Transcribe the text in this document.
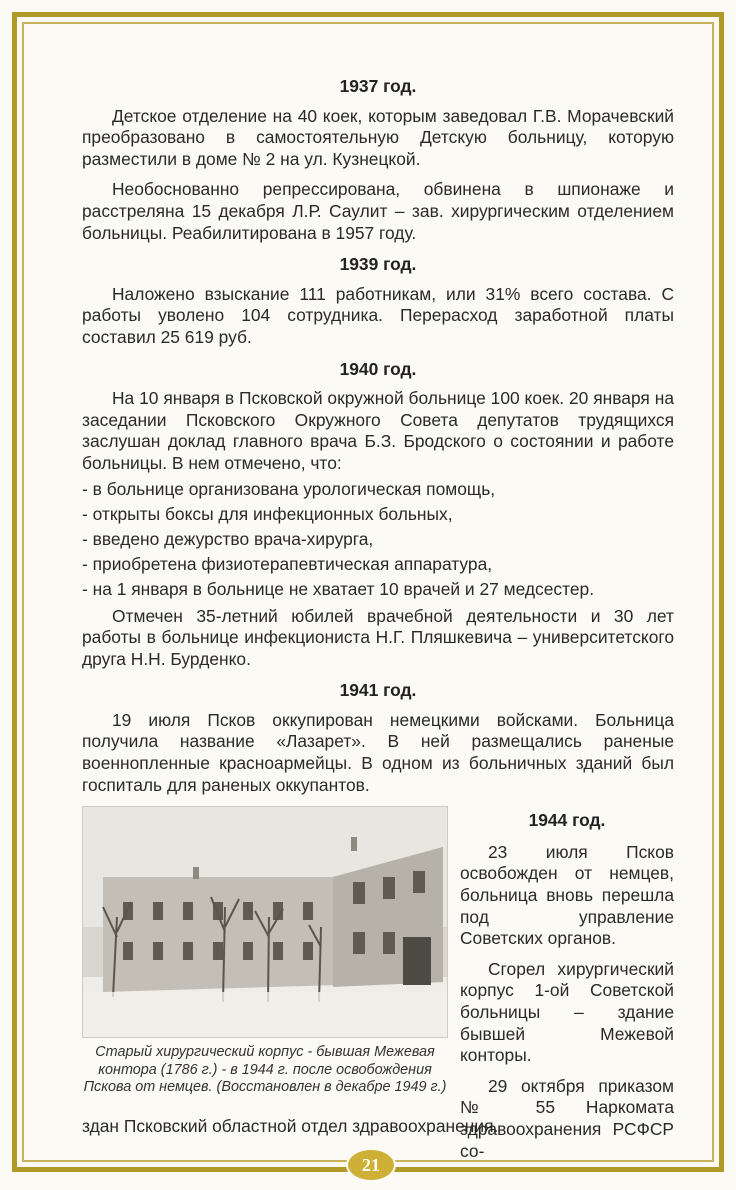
1937 год.

Детское отделение на 40 коек, которым заведовал Г.В. Морачевский преобразовано в самостоятельную Детскую больницу, которую разместили в доме № 2 на ул. Кузнецкой.

Необоснованно репрессирована, обвинена в шпионаже и расстреляна 15 декабря Л.Р. Саулит – зав. хирургическим отделением больницы. Реабилитирована в 1957 году.

1939 год.

Наложено взыскание 111 работникам, или 31% всего состава. С работы уволено 104 сотрудника. Перерасход заработной платы составил 25 619 руб.

1940 год.

На 10 января в Псковской окружной больнице 100 коек. 20 января на заседании Псковского Окружного Совета депутатов трудящихся заслушан доклад главного врача Б.З. Бродского о состоянии и работе больницы. В нем отмечено, что:

- в больнице организована урологическая помощь,
- открыты боксы для инфекционных больных,
- введено дежурство врача-хирурга,
- приобретена физиотерапевтическая аппаратура,
- на 1 января в больнице не хватает 10 врачей и 27 медсестер.

Отмечен 35-летний юбилей врачебной деятельности и 30 лет работы в больнице инфекциониста Н.Г. Пляшкевича – университетского друга Н.Н. Бурденко.

1941 год.

19 июля Псков оккупирован немецкими войсками. Больница получила название «Лазарет». В ней размещались раненые военнопленные красноармейцы. В одном из больничных зданий был госпиталь для раненых оккупантов.

Старый хирургический корпус - бывшая Межевая контора (1786 г.) - в 1944 г. после освобождения Пскова от немцев. (Восстановлен в декабре 1949 г.)
1944 год.

23 июля Псков освобожден от немцев, больница вновь перешла под управление Советских органов.

Сгорел хирургический корпус 1-ой Советской больницы – здание бывшей Межевой конторы.

29 октября приказом № 55 Наркомата здравоохранения РСФСР со-

здан Псковский областной отдел здравоохранения.
21
